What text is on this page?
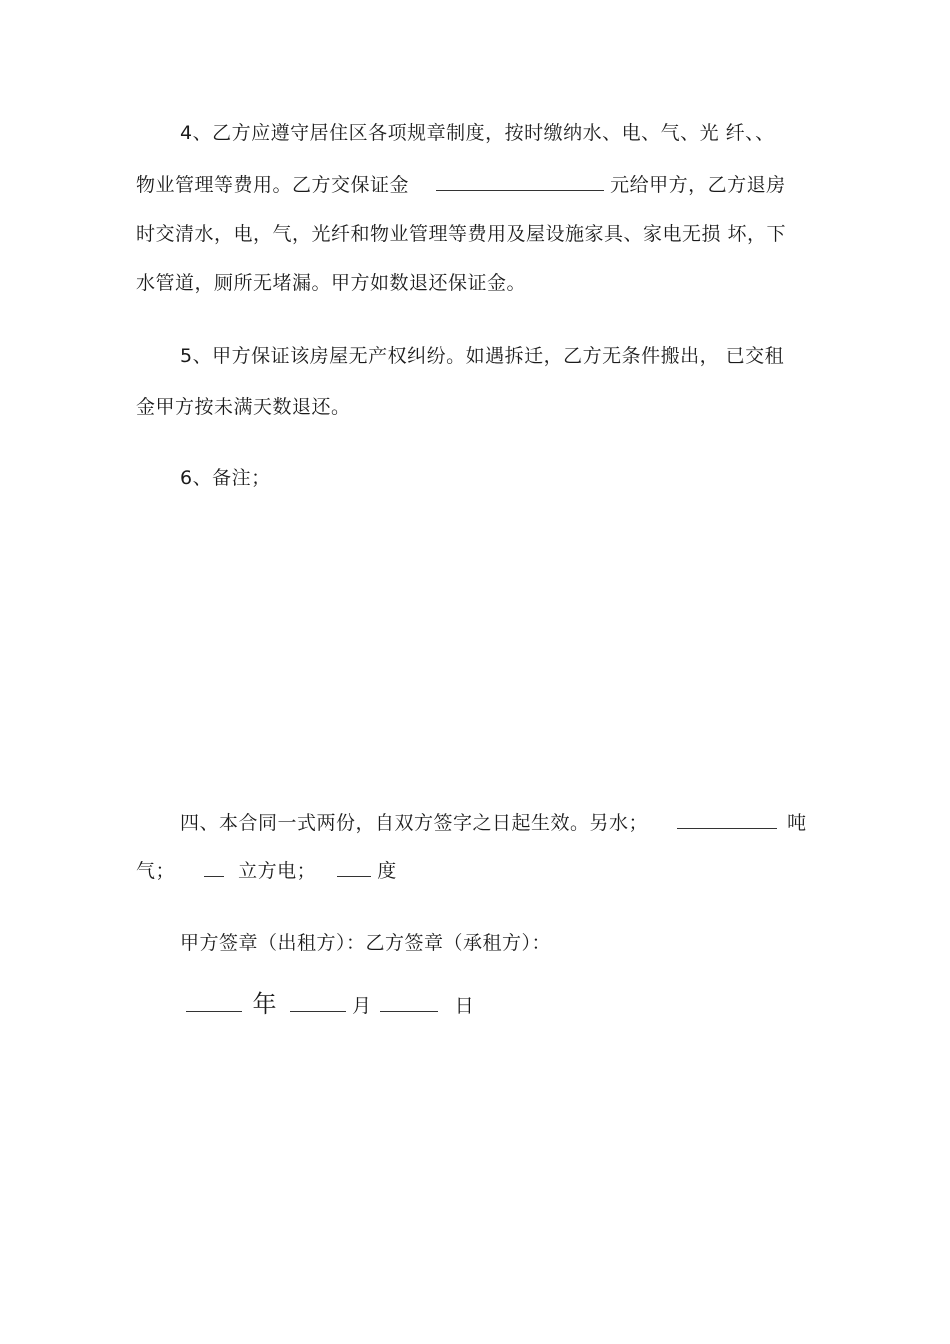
4、乙方应遵守居住区各项规章制度，按时缴纳水、电、气、光 纤、、
物业管理等费用。乙方交保证金	元给甲方，乙方退房
时交清水，电，气，光纤和物业管理等费用及屋设施家具、家电无损 坏，下
水管道，厕所无堵漏。甲方如数退还保证金。
5、甲方保证该房屋无产权纠纷。如遇拆迁，乙方无条件搬出， 已交租
金甲方按未满天数退还。
6、备注；
四、本合同一式两份，自双方签字之日起生效。另水；	吨
气；	立方电；	度
甲方签章（出租方）：乙方签章（承租方）：
年	月	日
